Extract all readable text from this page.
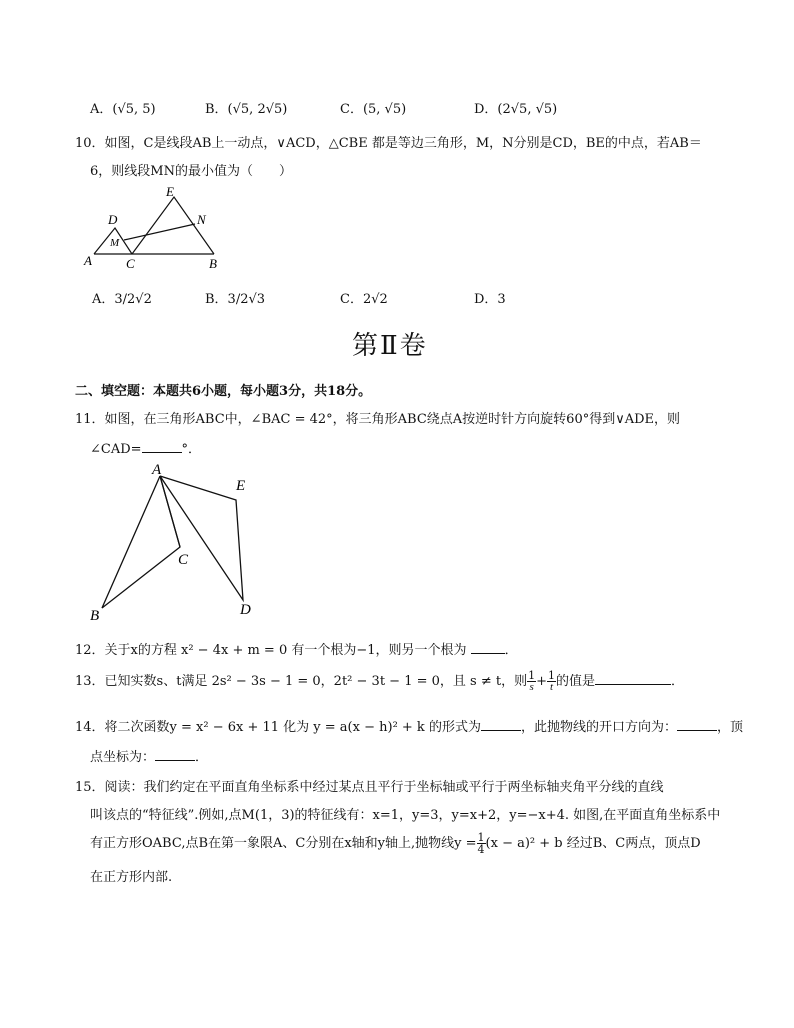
A．(√5, 5)	B．(√5, 2√5)	C．(5, √5)	D．(2√5, √5)
10．如图，C是线段AB上一动点，∨ACD，△CBE 都是等边三角形，M，N分别是CD，BE的中点，若AB＝
6，则线段MN的最小值为（　　）
A	C	B
D
E
N
M
A．3/2√2	B．3/2√3	C．2√2	D．3
第Ⅱ卷
二、填空题：本题共6小题，每小题3分，共18分。
11．如图，在三角形ABC中，∠BAC = 42°，将三角形ABC绕点A按逆时针方向旋转60°得到∨ADE，则
∠CAD=	°．
A
E
C
B	D
12．关于x的方程 x² − 4x + m = 0 有一个根为−1，则另一个根为	．
13．已知实数s、t满足 2s² − 3s − 1 = 0，2t² − 3t − 1 = 0，且 s ≠ t，则 $\frac{1}{s} + \frac{1}{t}$ 的值是	．
14．将二次函数y = x² − 6x + 11 化为 y = a(x − h)² + k 的形式为	，此抛物线的开口方向为：	，顶
点坐标为：	．
15．阅读：我们约定在平面直角坐标系中经过某点且平行于坐标轴或平行于两坐标轴夹角平分线的直线
叫该点的“特征线”.例如,点M(1，3)的特征线有：x=1，y=3，y=x+2，y=−x+4. 如图,在平面直角坐标系中
有正方形OABC,点B在第一象限A、C分别在x轴和y轴上,抛物线$y = \frac{1}{4} (x - a)^2 + b$ 经过B、C两点，顶点D
在正方形内部.
